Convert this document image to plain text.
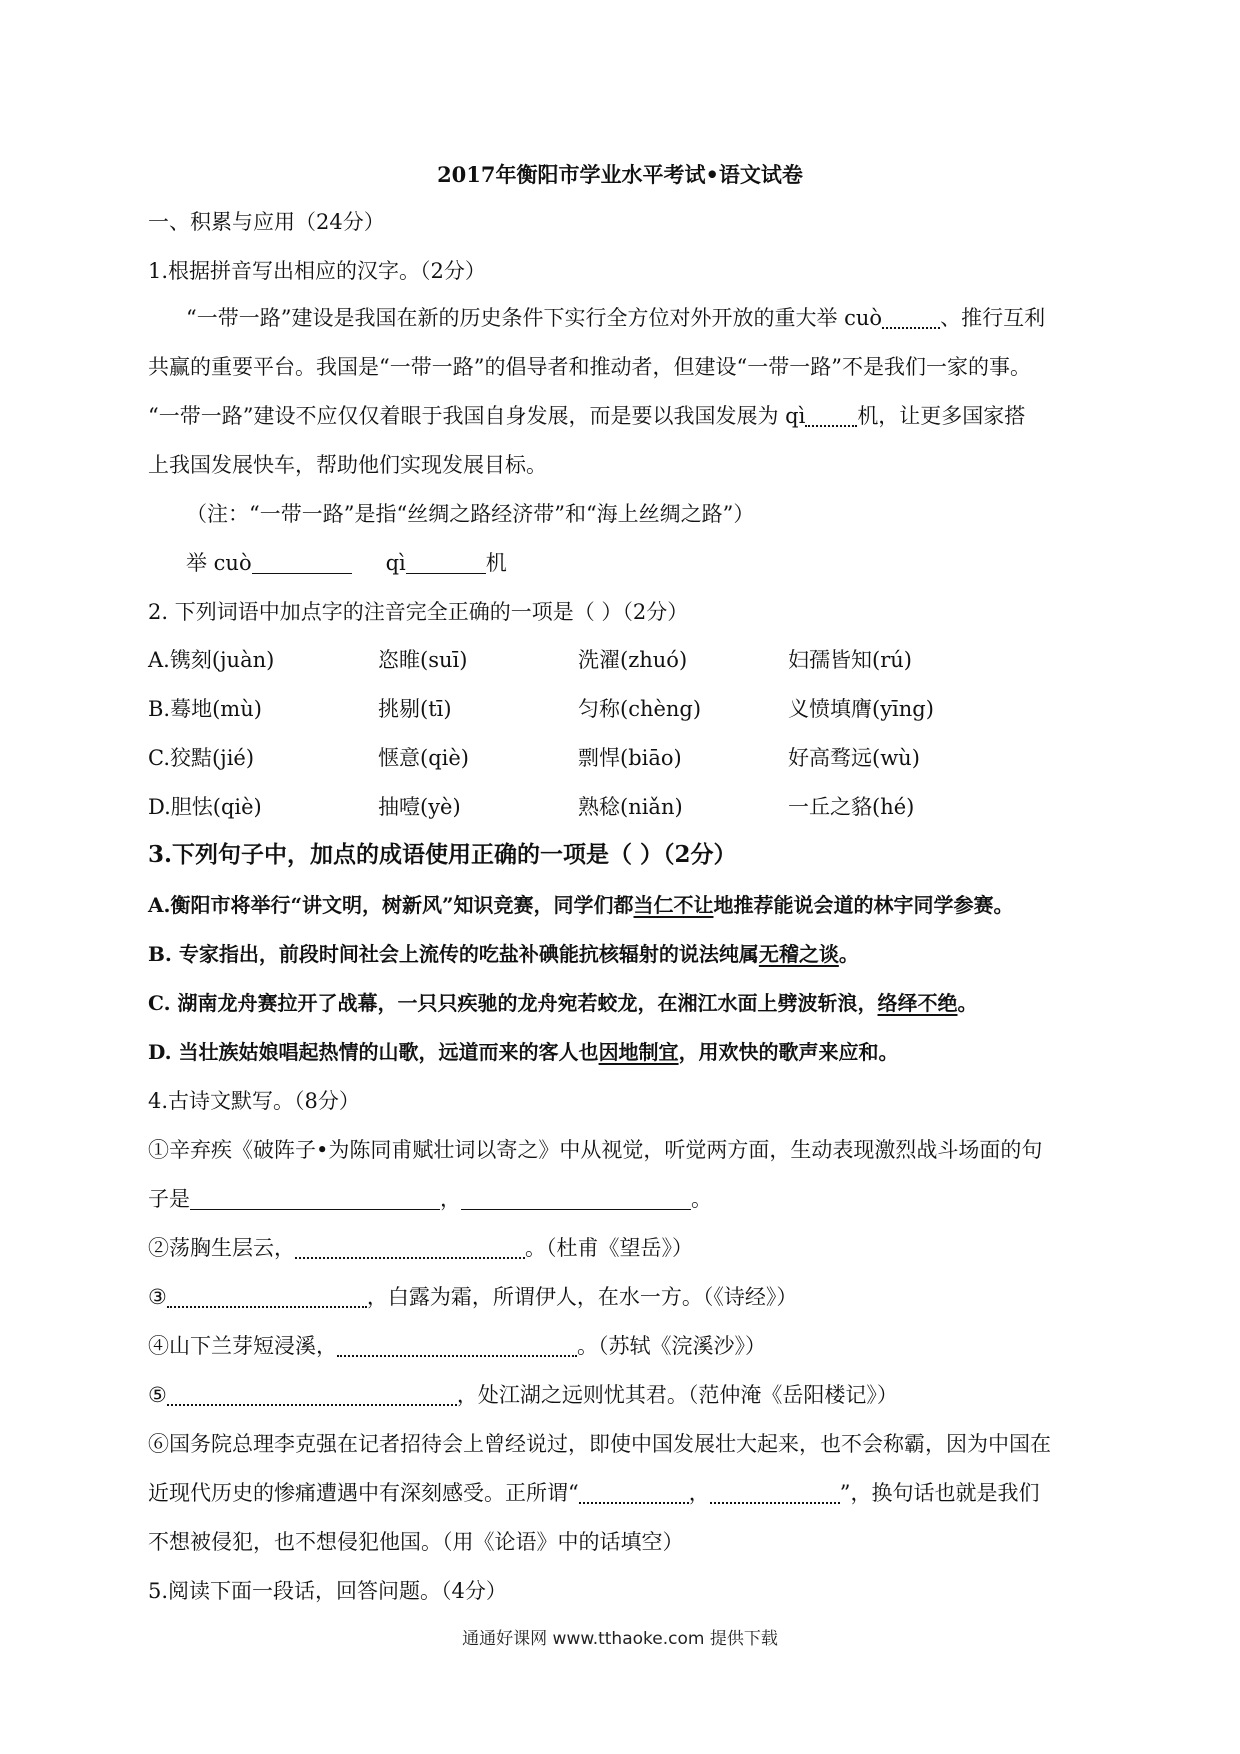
2017年衡阳市学业水平考试•语文试卷
一、积累与应用（24分）
1.根据拼音写出相应的汉字。（2分）
“一带一路”建设是我国在新的历史条件下实行全方位对外开放的重大举 cuò	、推行互利
共赢的重要平台。我国是“一带一路”的倡导者和推动者，但建设“一带一路”不是我们一家的事。
“一带一路”建设不应仅仅着眼于我国自身发展，而是要以我国发展为 qì 机，让更多国家搭
上我国发展快车，帮助他们实现发展目标。
（注：“一带一路”是指“丝绸之路经济带”和“海上丝绸之路”）
举 cuò	qì	机
2. 下列词语中加点字的注音完全正确的一项是（ ）（2分）
A.镌刻(juàn)	恣睢(suī)	洗濯(zhuó)	妇孺皆知(rú)
B.蓦地(mù)	挑剔(tī)	匀称(chèng)	义愤填膺(yīng)
C.狡黠(jié)	惬意(qiè)	剽悍(biāo)	好高骛远(wù)
D.胆怯(qiè)	抽噎(yè)	熟稔(niǎn)	一丘之貉(hé)
3.下列句子中，加点的成语使用正确的一项是（ ）（2分）
A.衡阳市将举行“讲文明，树新风”知识竞赛，同学们都当仁不让地推荐能说会道的林宇同学参赛。
B. 专家指出，前段时间社会上流传的吃盐补碘能抗核辐射的说法纯属无稽之谈。
C. 湖南龙舟赛拉开了战幕，一只只疾驰的龙舟宛若蛟龙，在湘江水面上劈波斩浪，络绎不绝。
D. 当壮族姑娘唱起热情的山歌，远道而来的客人也因地制宜，用欢快的歌声来应和。
4.古诗文默写。（8分）
①辛弃疾《破阵子•为陈同甫赋壮词以寄之》中从视觉，听觉两方面，生动表现激烈战斗场面的句
子是	，	。
②荡胸生层云，	。（杜甫《望岳》）
③	，白露为霜，所谓伊人，在水一方。（《诗经》）
④山下兰芽短浸溪，	。（苏轼《浣溪沙》）
⑤	，处江湖之远则忧其君。（范仲淹《岳阳楼记》）
⑥国务院总理李克强在记者招待会上曾经说过，即使中国发展壮大起来，也不会称霸，因为中国在
近现代历史的惨痛遭遇中有深刻感受。正所谓“	，	”，换句话也就是我们
不想被侵犯，也不想侵犯他国。（用《论语》中的话填空）
5.阅读下面一段话，回答问题。（4分）
通通好课网 www.tthaoke.com 提供下载
